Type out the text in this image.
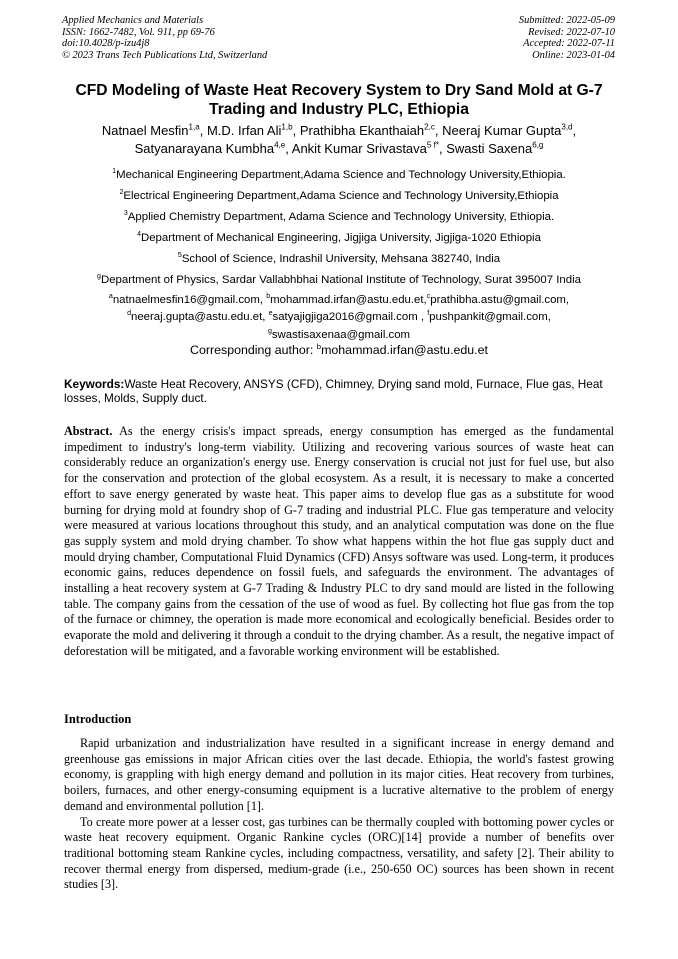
Applied Mechanics and Materials
ISSN: 1662-7482, Vol. 911, pp 69-76
doi:10.4028/p-izu4j8
© 2023 Trans Tech Publications Ltd, Switzerland
Submitted: 2022-05-09
Revised: 2022-07-10
Accepted: 2022-07-11
Online: 2023-01-04
CFD Modeling of Waste Heat Recovery System to Dry Sand Mold at G-7
Trading and Industry PLC, Ethiopia
Natnael Mesfin$^{1,a}$, M.D. Irfan Ali$^{1,b}$, Prathibha Ekanthaiah$^{2,c}$, Neeraj Kumar Gupta$^{3,d}$,
Satyanarayana Kumbha$^{4,e}$, Ankit Kumar Srivastava$^{5 f*}$, Swasti Saxena$^{6,g}$
$^1$Mechanical Engineering Department,Adama Science and Technology University,Ethiopia.
$^2$Electrical Engineering Department,Adama Science and Technology University,Ethiopia
$^3$Applied Chemistry Department, Adama Science and Technology University, Ethiopia.
$^4$Department of Mechanical Engineering, Jigjiga University, Jigjiga-1020 Ethiopia
$^5$School of Science, Indrashil University, Mehsana 382740, India
$^g$Department of Physics, Sardar Vallabhbhai National Institute of Technology, Surat 395007 India
$^a$natnaelmesfin16@gmail.com, $^b$mohammad.irfan@astu.edu.et,$^c$prathibha.astu@gmail.com,
$^d$neeraj.gupta@astu.edu.et, $^e$satyajigjiga2016@gmail.com , $^f$pushpankit@gmail.com,
$^g$swastisaxenaa@gmail.com
Corresponding author: $^b$mohammad.irfan@astu.edu.et
Keywords:Waste Heat Recovery, ANSYS (CFD), Chimney, Drying sand mold, Furnace, Flue gas, Heat losses, Molds, Supply duct.
Abstract. As the energy crisis's impact spreads, energy consumption has emerged as the fundamental impediment to industry's long-term viability. Utilizing and recovering various sources of waste heat can considerably reduce an organization's energy use. Energy conservation is crucial not just for fuel use, but also for the conservation and protection of the global ecosystem. As a result, it is necessary to make a concerted effort to save energy generated by waste heat. This paper aims to develop flue gas as a substitute for wood burning for drying mold at foundry shop of G-7 trading and industrial PLC. Flue gas temperature and velocity were measured at various locations throughout this study, and an analytical computation was done on the flue gas supply system and mold drying chamber. To show what happens within the hot flue gas supply duct and mould drying chamber, Computational Fluid Dynamics (CFD) Ansys software was used. Long-term, it produces economic gains, reduces dependence on fossil fuels, and safeguards the environment. The advantages of installing a heat recovery system at G-7 Trading & Industry PLC to dry sand mould are listed in the following table. The company gains from the cessation of the use of wood as fuel. By collecting hot flue gas from the top of the furnace or chimney, the operation is made more economical and ecologically beneficial. Besides order to evaporate the mold and delivering it through a conduit to the drying chamber. As a result, the negative impact of deforestation will be mitigated, and a favorable working environment will be established.
Introduction

Rapid urbanization and industrialization have resulted in a significant increase in energy demand and greenhouse gas emissions in major African cities over the last decade. Ethiopia, the world's fastest growing economy, is grappling with high energy demand and pollution in its major cities. Heat recovery from turbines, boilers, furnaces, and other energy-consuming equipment is a lucrative alternative to the problem of energy demand and environmental pollution [1].

To create more power at a lesser cost, gas turbines can be thermally coupled with bottoming power cycles or waste heat recovery equipment. Organic Rankine cycles (ORC)[14] provide a number of benefits over traditional bottoming steam Rankine cycles, including compactness, versatility, and safety [2]. Their ability to recover thermal energy from dispersed, medium-grade (i.e., 250-650 OC) sources has been shown in recent studies [3].
